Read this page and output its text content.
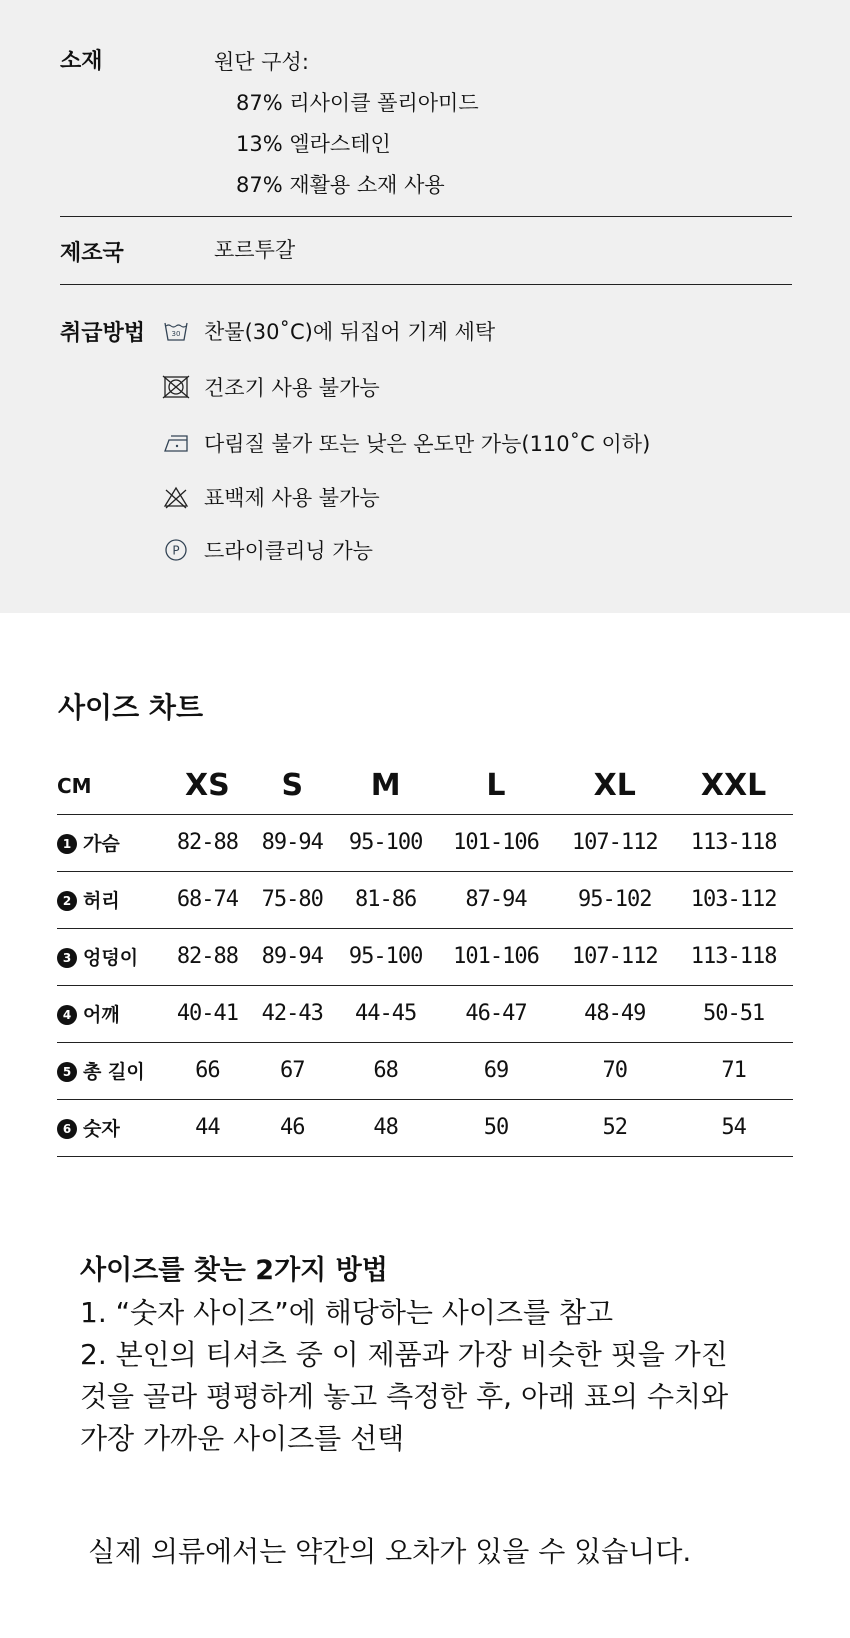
소재	원단 구성:
87% 리사이클 폴리아미드
13% 엘라스테인
87% 재활용 소재 사용
제조국	포르투갈
취급방법	30 찬물(30˚C)에 뒤집어 기계 세탁
건조기 사용 불가능
다림질 불가 또는 낮은 온도만 가능(110˚C 이하)
표백제 사용 불가능
P 드라이클리닝 가능
사이즈 차트
CM	XS	S	M	L	XL	XXL
1 가슴	82-88	89-94	95-100	101-106	107-112	113-118
2 허리	68-74	75-80	81-86	87-94	95-102	103-112
3 엉덩이	82-88	89-94	95-100	101-106	107-112	113-118
4 어깨	40-41	42-43	44-45	46-47	48-49	50-51
5 총 길이	66	67	68	69	70	71
6 숫자	44	46	48	50	52	54
사이즈를 찾는 2가지 방법
1. “숫자 사이즈”에 해당하는 사이즈를 참고
2. 본인의 티셔츠 중 이 제품과 가장 비슷한 핏을 가진
것을 골라 평평하게 놓고 측정한 후, 아래 표의 수치와
가장 가까운 사이즈를 선택
실제 의류에서는 약간의 오차가 있을 수 있습니다.
